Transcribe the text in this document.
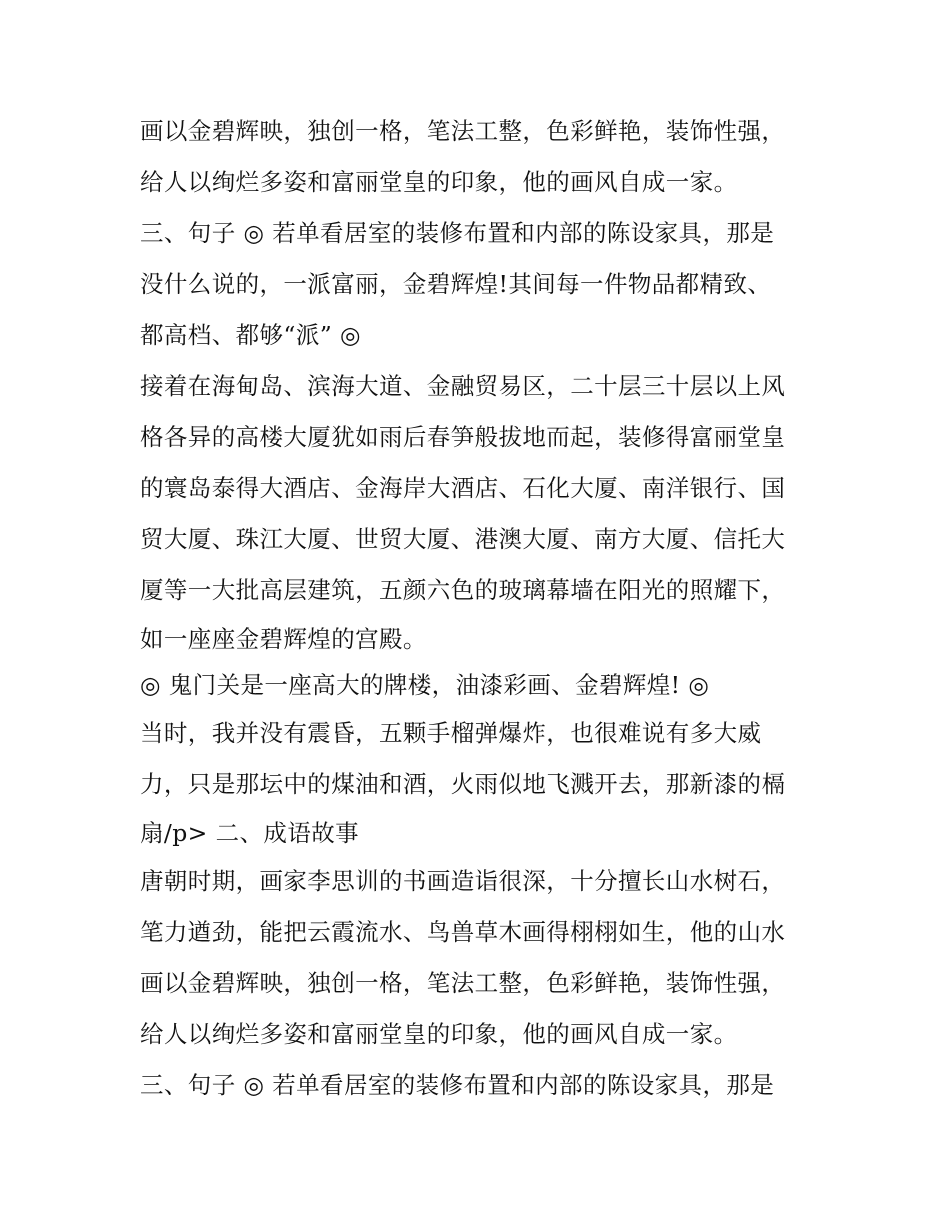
画以金碧辉映，独创一格，笔法工整，色彩鲜艳，装饰性强，
给人以绚烂多姿和富丽堂皇的印象，他的画风自成一家。
三、句子 ◎ 若单看居室的装修布置和内部的陈设家具，那是
没什么说的，一派富丽，金碧辉煌!其间每一件物品都精致、
都高档、都够“派” ◎
接着在海甸岛、滨海大道、金融贸易区，二十层三十层以上风
格各异的高楼大厦犹如雨后春笋般拔地而起，装修得富丽堂皇
的寰岛泰得大酒店、金海岸大酒店、石化大厦、南洋银行、国
贸大厦、珠江大厦、世贸大厦、港澳大厦、南方大厦、信托大
厦等一大批高层建筑，五颜六色的玻璃幕墙在阳光的照耀下，
如一座座金碧辉煌的宫殿。
◎ 鬼门关是一座高大的牌楼，油漆彩画、金碧辉煌! ◎
当时，我并没有震昏，五颗手榴弹爆炸，也很难说有多大威
力，只是那坛中的煤油和酒，火雨似地飞溅开去，那新漆的槅
扇/p> 二、成语故事
唐朝时期，画家李思训的书画造诣很深，十分擅长山水树石，
笔力遒劲，能把云霞流水、鸟兽草木画得栩栩如生，他的山水
画以金碧辉映，独创一格，笔法工整，色彩鲜艳，装饰性强，
给人以绚烂多姿和富丽堂皇的印象，他的画风自成一家。
三、句子 ◎ 若单看居室的装修布置和内部的陈设家具，那是
